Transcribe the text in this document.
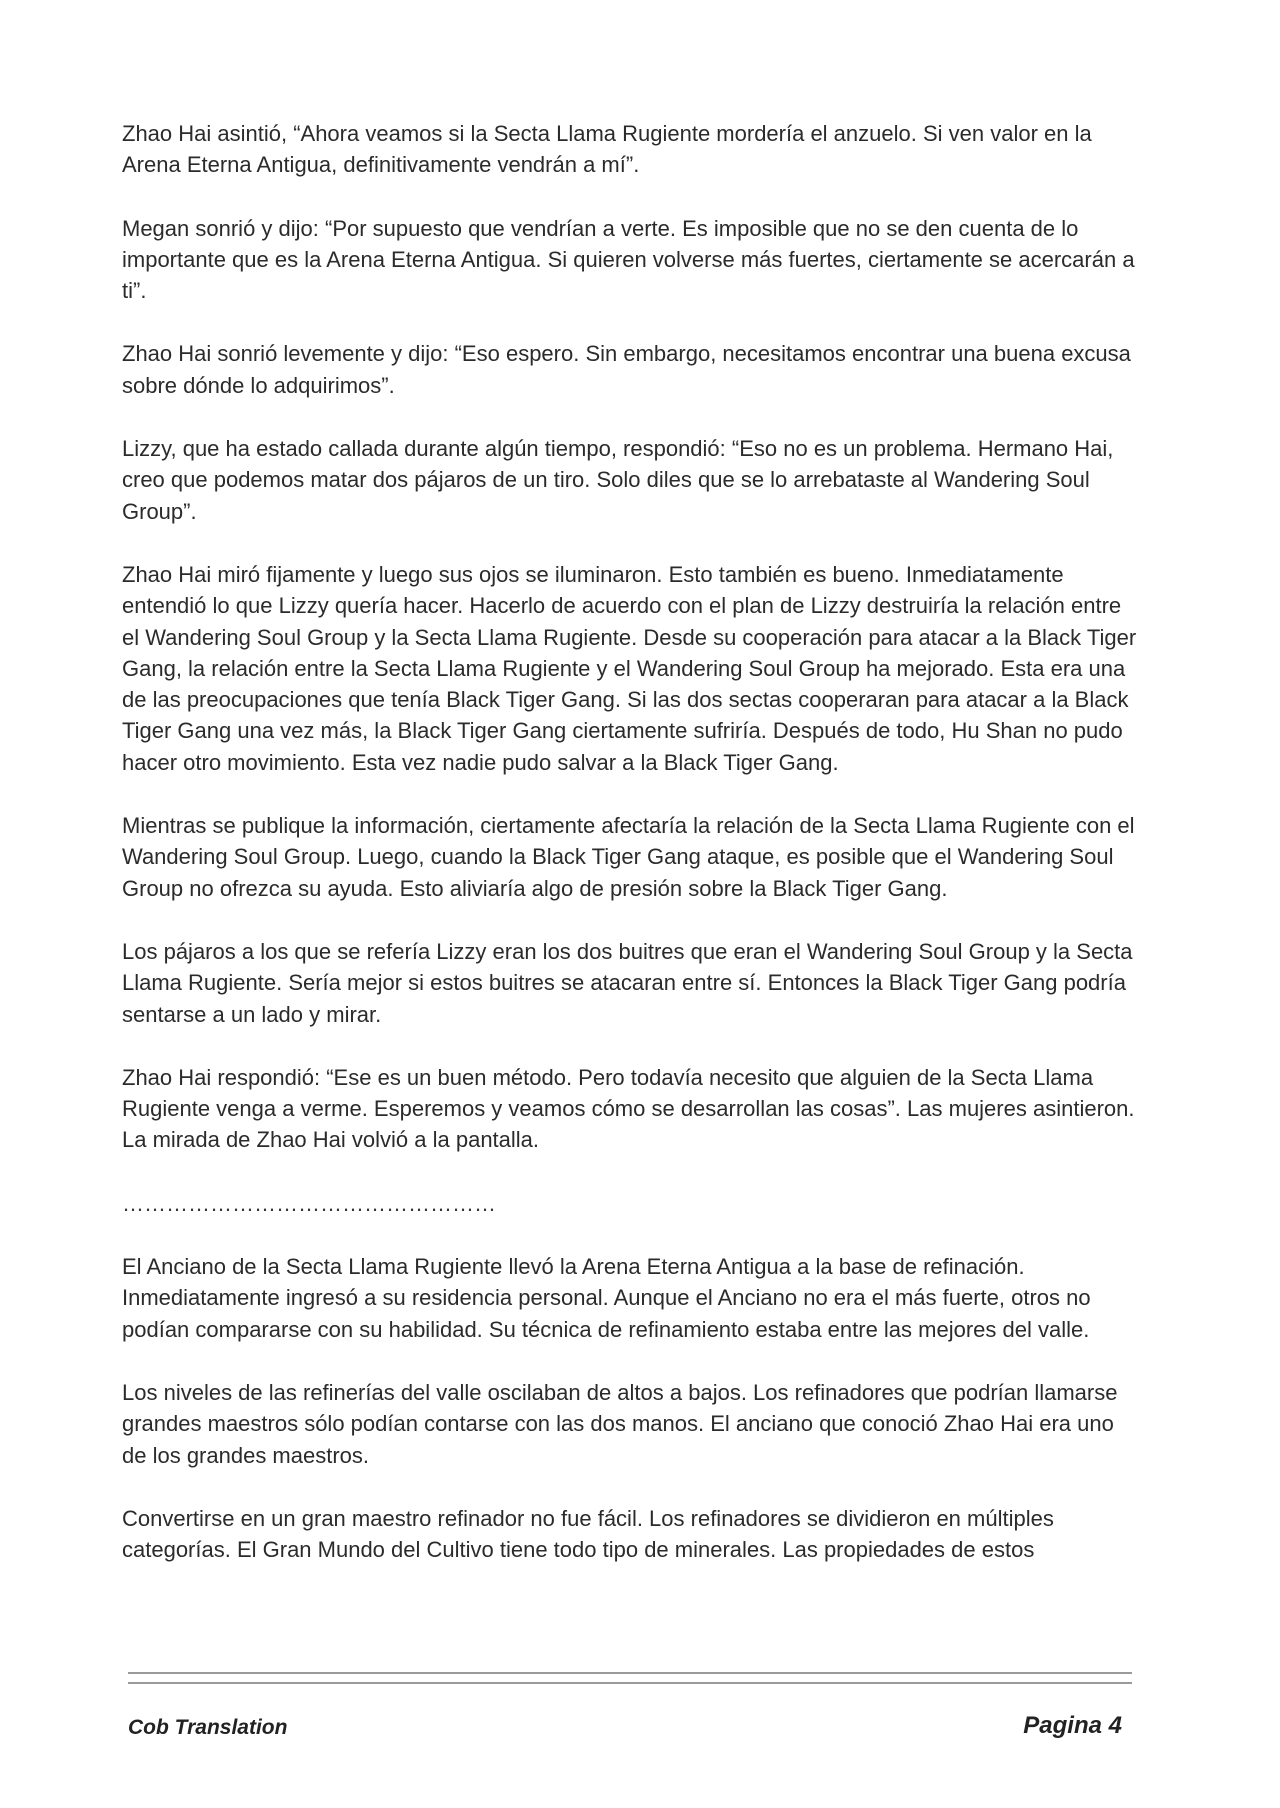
Zhao Hai asintió, “Ahora veamos si la Secta Llama Rugiente mordería el anzuelo. Si ven valor en la Arena Eterna Antigua, definitivamente vendrán a mí”.

Megan sonrió y dijo: “Por supuesto que vendrían a verte. Es imposible que no se den cuenta de lo importante que es la Arena Eterna Antigua. Si quieren volverse más fuertes, ciertamente se acercarán a ti”.

Zhao Hai sonrió levemente y dijo: “Eso espero. Sin embargo, necesitamos encontrar una buena excusa sobre dónde lo adquirimos”.

Lizzy, que ha estado callada durante algún tiempo, respondió: “Eso no es un problema. Hermano Hai, creo que podemos matar dos pájaros de un tiro. Solo diles que se lo arrebataste al Wandering Soul Group”.

Zhao Hai miró fijamente y luego sus ojos se iluminaron. Esto también es bueno. Inmediatamente entendió lo que Lizzy quería hacer. Hacerlo de acuerdo con el plan de Lizzy destruiría la relación entre el Wandering Soul Group y la Secta Llama Rugiente. Desde su cooperación para atacar a la Black Tiger Gang, la relación entre la Secta Llama Rugiente y el Wandering Soul Group ha mejorado. Esta era una de las preocupaciones que tenía Black Tiger Gang. Si las dos sectas cooperaran para atacar a la Black Tiger Gang una vez más, la Black Tiger Gang ciertamente sufriría. Después de todo, Hu Shan no pudo hacer otro movimiento. Esta vez nadie pudo salvar a la Black Tiger Gang.

Mientras se publique la información, ciertamente afectaría la relación de la Secta Llama Rugiente con el Wandering Soul Group. Luego, cuando la Black Tiger Gang ataque, es posible que el Wandering Soul Group no ofrezca su ayuda. Esto aliviaría algo de presión sobre la Black Tiger Gang.

Los pájaros a los que se refería Lizzy eran los dos buitres que eran el Wandering Soul Group y la Secta Llama Rugiente. Sería mejor si estos buitres se atacaran entre sí. Entonces la Black Tiger Gang podría sentarse a un lado y mirar.

Zhao Hai respondió: “Ese es un buen método. Pero todavía necesito que alguien de la Secta Llama Rugiente venga a verme. Esperemos y veamos cómo se desarrollan las cosas”. Las mujeres asintieron. La mirada de Zhao Hai volvió a la pantalla.

……………………………………………

El Anciano de la Secta Llama Rugiente llevó la Arena Eterna Antigua a la base de refinación. Inmediatamente ingresó a su residencia personal. Aunque el Anciano no era el más fuerte, otros no podían compararse con su habilidad. Su técnica de refinamiento estaba entre las mejores del valle.

Los niveles de las refinerías del valle oscilaban de altos a bajos. Los refinadores que podrían llamarse grandes maestros sólo podían contarse con las dos manos. El anciano que conoció Zhao Hai era uno de los grandes maestros.

Convertirse en un gran maestro refinador no fue fácil. Los refinadores se dividieron en múltiples categorías. El Gran Mundo del Cultivo tiene todo tipo de minerales. Las propiedades de estos

Cob Translation	Pagina 4
